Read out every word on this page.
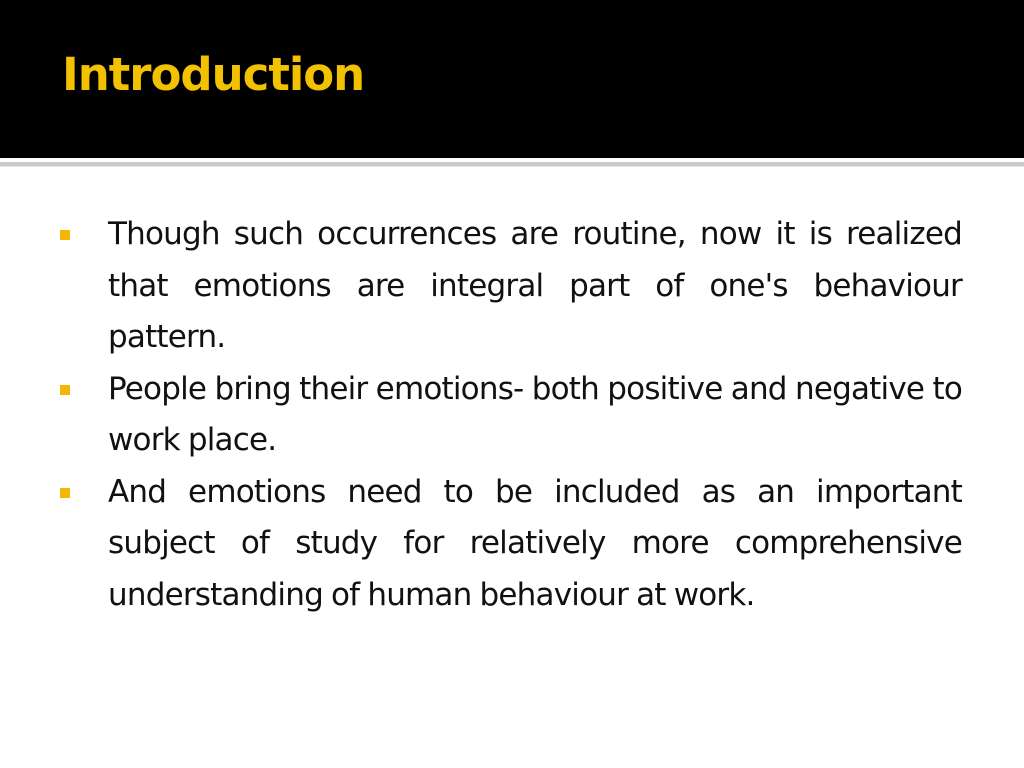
Introduction
Though such occurrences are routine, now it is realized that emotions are integral part of one's behaviour pattern.
People bring their emotions- both positive and negative to work place.
And emotions need to be included as an important subject of study for relatively more comprehensive understanding of human behaviour at work.
